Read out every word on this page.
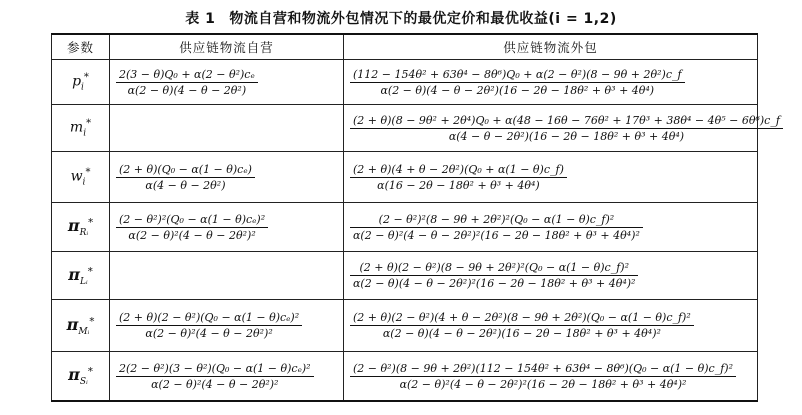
表 1 物流自营和物流外包情况下的最优定价和最优收益(i = 1,2)
参数	供应链物流自营	供应链物流外包
$p_i^*$	$\frac{\text{2(3 − θ)Q₀ + α(2 − θ²)cₑ}}{\text{α(2 − θ)(4 − θ − 2θ²)}}$	$\frac{\text{(112 − 154θ² + 63θ⁴ − 8θ⁶)Q₀ + α(2 − θ²)(8 − 9θ + 2θ²)c\_f}}{\text{α(2 − θ)(4 − θ − 2θ²)(16 − 2θ − 18θ² + θ³ + 4θ⁴)}}$

$m_i^*$		(2 + θ)(8 − 9θ² + 2θ⁴)Q₀ + α(48 − 16θ − 76θ² + 17θ³ + 38θ⁴ − 4θ⁵ − 6θ⁶)c_f
α(4 − θ − 2θ²)(16 − 2θ − 18θ² + θ³ + 4θ⁴)

$w_i^*$	$\frac{\text{(2 + θ)(Q₀ − α(1 − θ)cₑ)}}{\text{α(4 − θ − 2θ²)}}$	$\frac{\text{(2 + θ)(4 + θ − 2θ²)(Q₀ + α(1 − θ)c\_f)}}{\text{α(16 − 2θ − 18θ² + θ³ + 4θ⁴)}}$

$\pi_{Rᵢ}^*$	$\frac{\text{(2 − θ²)²(Q₀ − α(1 − θ)cₑ)²}}{\text{α(2 − θ)²(4 − θ − 2θ²)²}}$	$\frac{\text{(2 − θ²)²(8 − 9θ + 2θ²)²(Q₀ − α(1 − θ)c\_f)²}}{\text{α(2 − θ)²(4 − θ − 2θ²)²(16 − 2θ − 18θ² + θ³ + 4θ⁴)²}}$

$\pi_{Lᵢ}^*$		$\frac{\text{(2 + θ)(2 − θ²)(8 − 9θ + 2θ²)²(Q₀ − α(1 − θ)c\_f)²}}{\text{α(2 − θ)(4 − θ − 2θ²)²(16 − 2θ − 18θ² + θ³ + 4θ⁴)²}}$

$\pi_{Mᵢ}^*$	$\frac{\text{(2 + θ)(2 − θ²)(Q₀ − α(1 − θ)cₑ)²}}{\text{α(2 − θ)²(4 − θ − 2θ²)²}}$	(2 + θ)(2 − θ²)(4 + θ − 2θ²)(8 − 9θ + 2θ²)(Q₀ − α(1 − θ)c_f)²
α(2 − θ)(4 − θ − 2θ²)(16 − 2θ − 18θ² + θ³ + 4θ⁴)²

$\pi_{Sᵢ}^*$	$\frac{\text{2(2 − θ²)(3 − θ²)(Q₀ − α(1 − θ)cₑ)²}}{\text{α(2 − θ)²(4 − θ − 2θ²)²}}$	(2 − θ²)(8 − 9θ + 2θ²)(112 − 154θ² + 63θ⁴ − 8θ⁶)(Q₀ − α(1 − θ)c_f)²
α(2 − θ)²(4 − θ − 2θ²)²(16 − 2θ − 18θ² + θ³ + 4θ⁴)²
